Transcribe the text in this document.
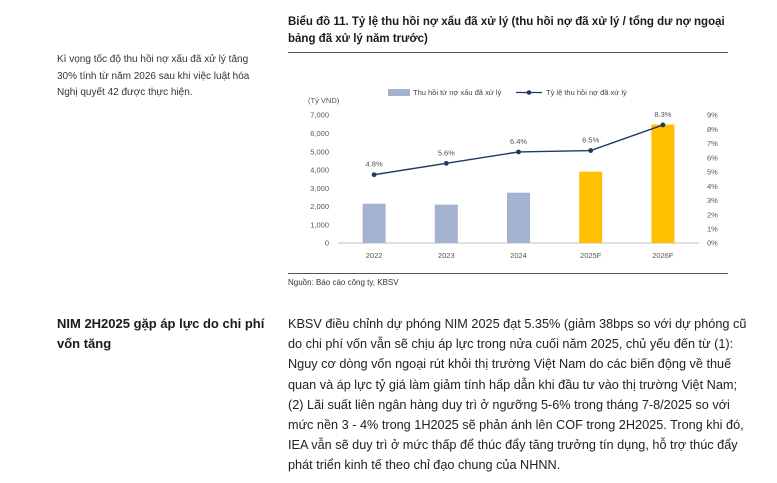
Kì vọng tốc độ thu hồi nợ xấu đã xử lý tăng 30% tính từ năm 2026 sau khi việc luật hóa Nghị quyết 42 được thực hiện.
Biểu đồ 11. Tỷ lệ thu hồi nợ xấu đã xử lý (thu hồi nợ đã xử lý / tổng dư nợ ngoại bảng đã xử lý năm trước)
(Tỷ VND)
Thu hồi từ nợ xấu đã xử lý	Tỷ lệ thu hồi nợ đã xử lý
0
1,000
2,000
3,000
4,000
5,000
6,000
7,000
0%
1%
2%
3%
4%
5%
6%
7%
8%
9%
2022	2023	2024	2025F	2026F
4.8%
5.6%
6.4%	6.5%
8.3%
Nguồn: Báo cáo công ty, KBSV
NIM 2H2025 gặp áp lực do chi phí vốn tăng

KBSV điều chỉnh dự phóng NIM 2025 đạt 5.35% (giảm 38bps so với dự phóng cũ do chi phí vốn vẫn sẽ chịu áp lực trong nửa cuối năm 2025, chủ yếu đến từ (1): Nguy cơ dòng vốn ngoại rút khỏi thị trường Việt Nam do các biến động về thuế quan và áp lực tỷ giá làm giảm tính hấp dẫn khi đầu tư vào thị trường Việt Nam; (2) Lãi suất liên ngân hàng duy trì ở ngưỡng 5-6% trong tháng 7-8/2025 so với mức nền 3 - 4% trong 1H2025 sẽ phản ánh lên COF trong 2H2025. Trong khi đó, IEA vẫn sẽ duy trì ở mức thấp để thúc đẩy tăng trưởng tín dụng, hỗ trợ thúc đẩy phát triển kinh tế theo chỉ đạo chung của NHNN.
